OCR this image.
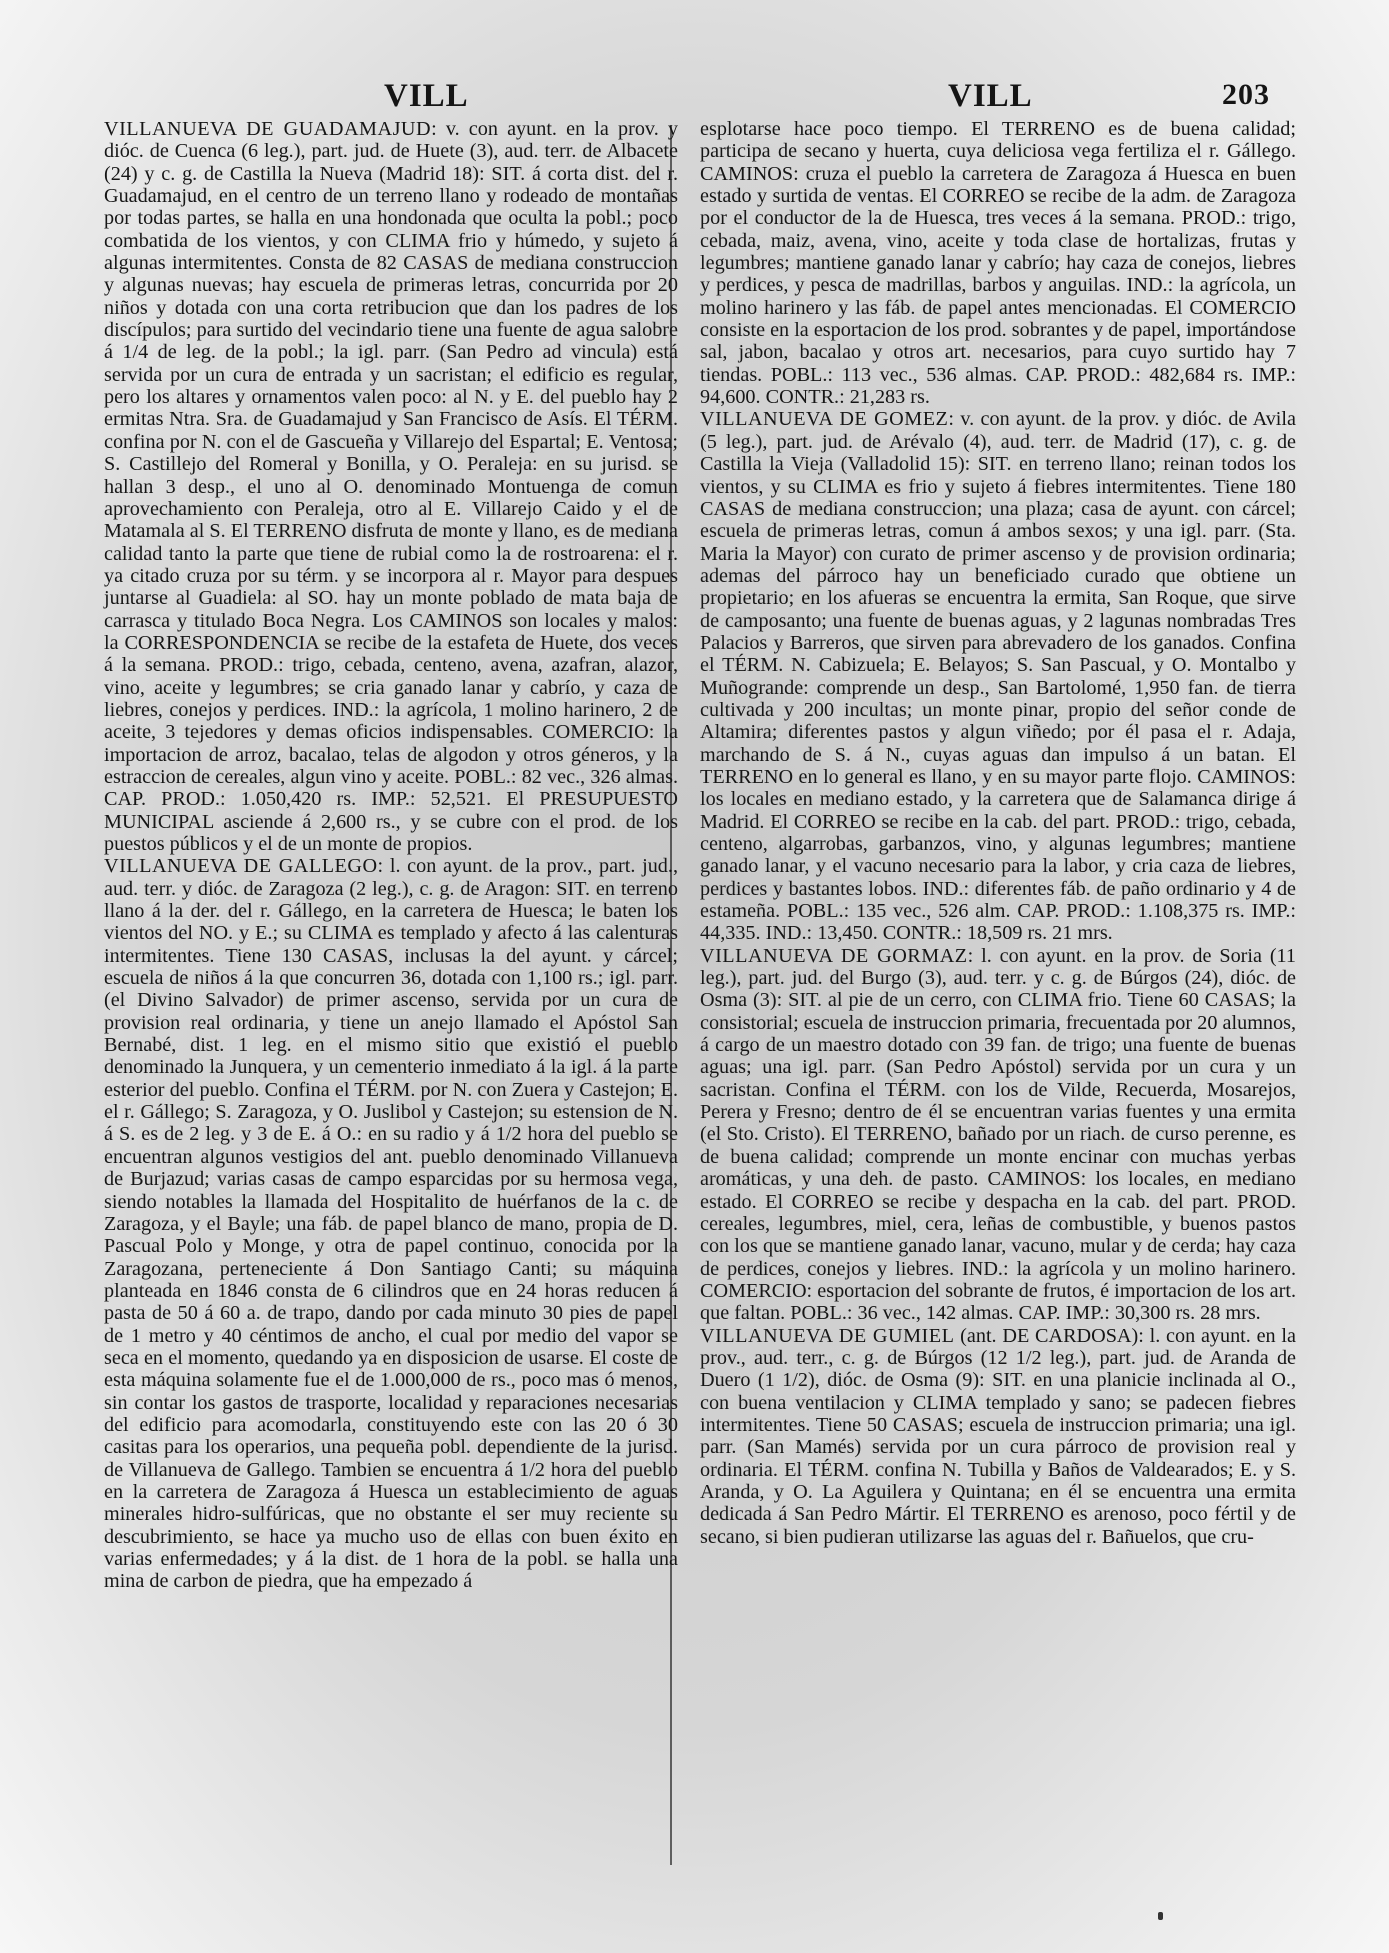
VILL	VILL	203

VILLANUEVA DE GUADAMAJUD: v. con ayunt. en la prov. y dióc. de Cuenca (6 leg.), part. jud. de Huete (3), aud. terr. de Albacete (24) y c. g. de Castilla la Nueva (Madrid 18): SIT. á corta dist. del r. Guadamajud, en el centro de un terreno llano y rodeado de montañas por todas partes, se halla en una hondonada que oculta la pobl.; poco combatida de los vientos, y con CLIMA frio y húmedo, y sujeto á algunas intermitentes. Consta de 82 CASAS de mediana construccion y algunas nuevas; hay escuela de primeras letras, concurrida por 20 niños y dotada con una corta retribucion que dan los padres de los discípulos; para surtido del vecindario tiene una fuente de agua salobre á 1/4 de leg. de la pobl.; la igl. parr. (San Pedro ad vincula) está servida por un cura de entrada y un sacristan; el edificio es regular, pero los altares y ornamentos valen poco: al N. y E. del pueblo hay 2 ermitas Ntra. Sra. de Guadamajud y San Francisco de Asís. El TÉRM. confina por N. con el de Gascueña y Villarejo del Espartal; E. Ventosa; S. Castillejo del Romeral y Bonilla, y O. Peraleja: en su jurisd. se hallan 3 desp., el uno al O. denominado Montuenga de comun aprovechamiento con Peraleja, otro al E. Villarejo Caido y el de Matamala al S. El TERRENO disfruta de monte y llano, es de mediana calidad tanto la parte que tiene de rubial como la de rostroarena: el r. ya citado cruza por su térm. y se incorpora al r. Mayor para despues juntarse al Guadiela: al SO. hay un monte poblado de mata baja de carrasca y titulado Boca Negra. Los CAMINOS son locales y malos: la CORRESPONDENCIA se recibe de la estafeta de Huete, dos veces á la semana. PROD.: trigo, cebada, centeno, avena, azafran, alazor, vino, aceite y legumbres; se cria ganado lanar y cabrío, y caza de liebres, conejos y perdices. IND.: la agrícola, 1 molino harinero, 2 de aceite, 3 tejedores y demas oficios indispensables. COMERCIO: la importacion de arroz, bacalao, telas de algodon y otros géneros, y la estraccion de cereales, algun vino y aceite. POBL.: 82 vec., 326 almas. CAP. PROD.: 1.050,420 rs. IMP.: 52,521. El PRESUPUESTO MUNICIPAL asciende á 2,600 rs., y se cubre con el prod. de los puestos públicos y el de un monte de propios.

VILLANUEVA DE GALLEGO: l. con ayunt. de la prov., part. jud., aud. terr. y dióc. de Zaragoza (2 leg.), c. g. de Aragon: SIT. en terreno llano á la der. del r. Gállego, en la carretera de Huesca; le baten los vientos del NO. y E.; su CLIMA es templado y afecto á las calenturas intermitentes. Tiene 130 CASAS, inclusas la del ayunt. y cárcel; escuela de niños á la que concurren 36, dotada con 1,100 rs.; igl. parr. (el Divino Salvador) de primer ascenso, servida por un cura de provision real ordinaria, y tiene un anejo llamado el Apóstol San Bernabé, dist. 1 leg. en el mismo sitio que existió el pueblo denominado la Junquera, y un cementerio inmediato á la igl. á la parte esterior del pueblo. Confina el TÉRM. por N. con Zuera y Castejon; E. el r. Gállego; S. Zaragoza, y O. Juslibol y Castejon; su estension de N. á S. es de 2 leg. y 3 de E. á O.: en su radio y á 1/2 hora del pueblo se encuentran algunos vestigios del ant. pueblo denominado Villanueva de Burjazud; varias casas de campo esparcidas por su hermosa vega, siendo notables la llamada del Hospitalito de huérfanos de la c. de Zaragoza, y el Bayle; una fáb. de papel blanco de mano, propia de D. Pascual Polo y Monge, y otra de papel continuo, conocida por la Zaragozana, perteneciente á Don Santiago Canti; su máquina planteada en 1846 consta de 6 cilindros que en 24 horas reducen á pasta de 50 á 60 a. de trapo, dando por cada minuto 30 pies de papel de 1 metro y 40 céntimos de ancho, el cual por medio del vapor se seca en el momento, quedando ya en disposicion de usarse. El coste de esta máquina solamente fue el de 1.000,000 de rs., poco mas ó menos, sin contar los gastos de trasporte, localidad y reparaciones necesarias del edificio para acomodarla, constituyendo este con las 20 ó 30 casitas para los operarios, una pequeña pobl. dependiente de la jurisd. de Villanueva de Gallego. Tambien se encuentra á 1/2 hora del pueblo en la carretera de Zaragoza á Huesca un establecimiento de aguas minerales hidro-sulfúricas, que no obstante el ser muy reciente su descubrimiento, se hace ya mucho uso de ellas con buen éxito en varias enfermedades; y á la dist. de 1 hora de la pobl. se halla una mina de carbon de piedra, que ha empezado á

esplotarse hace poco tiempo. El TERRENO es de buena calidad; participa de secano y huerta, cuya deliciosa vega fertiliza el r. Gállego. CAMINOS: cruza el pueblo la carretera de Zaragoza á Huesca en buen estado y surtida de ventas. El CORREO se recibe de la adm. de Zaragoza por el conductor de la de Huesca, tres veces á la semana. PROD.: trigo, cebada, maiz, avena, vino, aceite y toda clase de hortalizas, frutas y legumbres; mantiene ganado lanar y cabrío; hay caza de conejos, liebres y perdices, y pesca de madrillas, barbos y anguilas. IND.: la agrícola, un molino harinero y las fáb. de papel antes mencionadas. El COMERCIO consiste en la esportacion de los prod. sobrantes y de papel, importándose sal, jabon, bacalao y otros art. necesarios, para cuyo surtido hay 7 tiendas. POBL.: 113 vec., 536 almas. CAP. PROD.: 482,684 rs. IMP.: 94,600. CONTR.: 21,283 rs.

VILLANUEVA DE GOMEZ: v. con ayunt. de la prov. y dióc. de Avila (5 leg.), part. jud. de Arévalo (4), aud. terr. de Madrid (17), c. g. de Castilla la Vieja (Valladolid 15): SIT. en terreno llano; reinan todos los vientos, y su CLIMA es frio y sujeto á fiebres intermitentes. Tiene 180 CASAS de mediana construccion; una plaza; casa de ayunt. con cárcel; escuela de primeras letras, comun á ambos sexos; y una igl. parr. (Sta. Maria la Mayor) con curato de primer ascenso y de provision ordinaria; ademas del párroco hay un beneficiado curado que obtiene un propietario; en los afueras se encuentra la ermita, San Roque, que sirve de camposanto; una fuente de buenas aguas, y 2 lagunas nombradas Tres Palacios y Barreros, que sirven para abrevadero de los ganados. Confina el TÉRM. N. Cabizuela; E. Belayos; S. San Pascual, y O. Montalbo y Muñogrande: comprende un desp., San Bartolomé, 1,950 fan. de tierra cultivada y 200 incultas; un monte pinar, propio del señor conde de Altamira; diferentes pastos y algun viñedo; por él pasa el r. Adaja, marchando de S. á N., cuyas aguas dan impulso á un batan. El TERRENO en lo general es llano, y en su mayor parte flojo. CAMINOS: los locales en mediano estado, y la carretera que de Salamanca dirige á Madrid. El CORREO se recibe en la cab. del part. PROD.: trigo, cebada, centeno, algarrobas, garbanzos, vino, y algunas legumbres; mantiene ganado lanar, y el vacuno necesario para la labor, y cria caza de liebres, perdices y bastantes lobos. IND.: diferentes fáb. de paño ordinario y 4 de estameña. POBL.: 135 vec., 526 alm. CAP. PROD.: 1.108,375 rs. IMP.: 44,335. IND.: 13,450. CONTR.: 18,509 rs. 21 mrs.

VILLANUEVA DE GORMAZ: l. con ayunt. en la prov. de Soria (11 leg.), part. jud. del Burgo (3), aud. terr. y c. g. de Búrgos (24), dióc. de Osma (3): SIT. al pie de un cerro, con CLIMA frio. Tiene 60 CASAS; la consistorial; escuela de instruccion primaria, frecuentada por 20 alumnos, á cargo de un maestro dotado con 39 fan. de trigo; una fuente de buenas aguas; una igl. parr. (San Pedro Apóstol) servida por un cura y un sacristan. Confina el TÉRM. con los de Vilde, Recuerda, Mosarejos, Perera y Fresno; dentro de él se encuentran varias fuentes y una ermita (el Sto. Cristo). El TERRENO, bañado por un riach. de curso perenne, es de buena calidad; comprende un monte encinar con muchas yerbas aromáticas, y una deh. de pasto. CAMINOS: los locales, en mediano estado. El CORREO se recibe y despacha en la cab. del part. PROD. cereales, legumbres, miel, cera, leñas de combustible, y buenos pastos con los que se mantiene ganado lanar, vacuno, mular y de cerda; hay caza de perdices, conejos y liebres. IND.: la agrícola y un molino harinero. COMERCIO: esportacion del sobrante de frutos, é importacion de los art. que faltan. POBL.: 36 vec., 142 almas. CAP. IMP.: 30,300 rs. 28 mrs.

VILLANUEVA DE GUMIEL (ant. DE CARDOSA): l. con ayunt. en la prov., aud. terr., c. g. de Búrgos (12 1/2 leg.), part. jud. de Aranda de Duero (1 1/2), dióc. de Osma (9): SIT. en una planicie inclinada al O., con buena ventilacion y CLIMA templado y sano; se padecen fiebres intermitentes. Tiene 50 CASAS; escuela de instruccion primaria; una igl. parr. (San Mamés) servida por un cura párroco de provision real y ordinaria. El TÉRM. confina N. Tubilla y Baños de Valdearados; E. y S. Aranda, y O. La Aguilera y Quintana; en él se encuentra una ermita dedicada á San Pedro Mártir. El TERRENO es arenoso, poco fértil y de secano, si bien pudieran utilizarse las aguas del r. Bañuelos, que cru-
